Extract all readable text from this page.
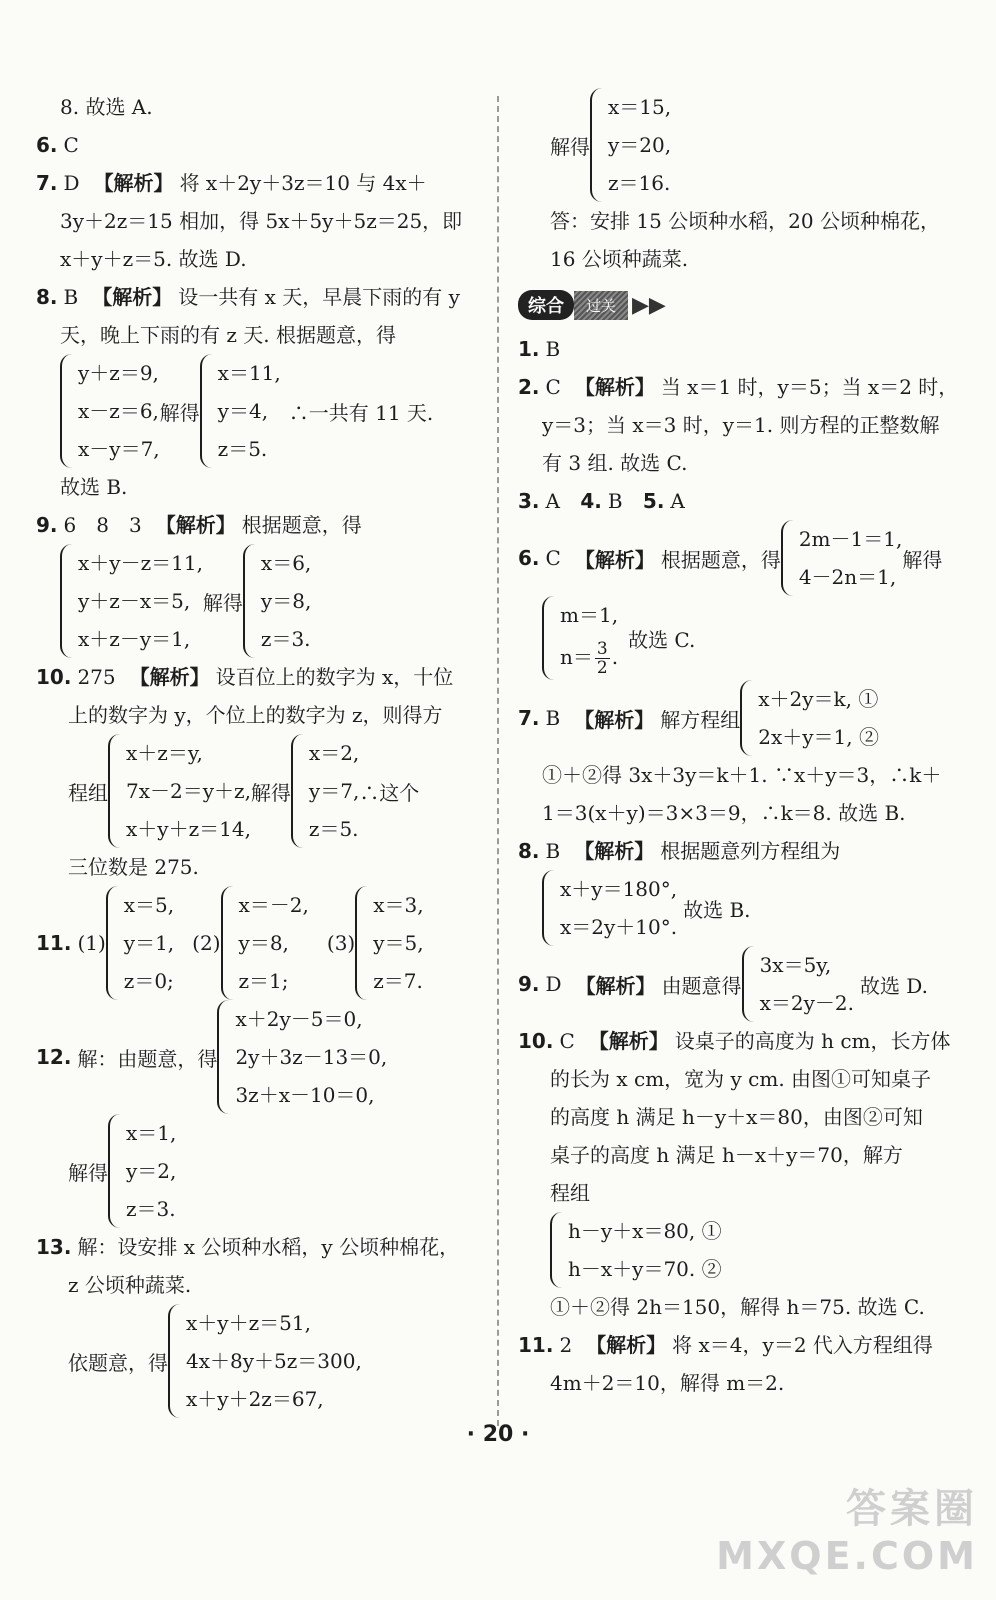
8. 故选 A.
6. C
7. D 【解析】 将 x＋2y＋3z＝10 与 4x＋
3y＋2z＝15 相加，得 5x＋5y＋5z＝25，即
x＋y＋z＝5. 故选 D.
8. B 【解析】 设一共有 x 天，早晨下雨的有 y
天，晚上下雨的有 z 天. 根据题意，得
y＋z＝9,
x－z＝6,
x－y＝7,
解得
x＝11,
y＝4,
z＝5.
∴一共有 11 天.
故选 B.
9. 6　8　3 【解析】 根据题意，得
x＋y－z＝11,
y＋z－x＝5,
x＋z－y＝1,
解得
x＝6,
y＝8,
z＝3.
10. 275 【解析】 设百位上的数字为 x，十位
上的数字为 y，个位上的数字为 z，则得方
程组
x＋z＝y,
7x－2＝y＋z,
x＋y＋z＝14,
解得
x＝2,
y＝7,
z＝5.
∴这个
三位数是 275.
11. (1)
x＝5,
y＝1,
z＝0;
(2)
x＝－2,
y＝8,
z＝1;
(3)
x＝3,
y＝5,
z＝7.
12. 解：由题意，得
x＋2y－5＝0,
2y＋3z－13＝0,
3z＋x－10＝0,
解得
x＝1,
y＝2,
z＝3.
13. 解：设安排 x 公顷种水稻，y 公顷种棉花，
z 公顷种蔬菜.
依题意，得
x＋y＋z＝51,
4x＋8y＋5z＝300,
x＋y＋2z＝67,
解得
x＝15,
y＝20,
z＝16.
答：安排 15 公顷种水稻，20 公顷种棉花，
16 公顷种蔬菜.
综合	过关 ▶▶
1. B
2. C 【解析】 当 x＝1 时，y＝5；当 x＝2 时，
y＝3；当 x＝3 时，y＝1. 则方程的正整数解
有 3 组. 故选 C.
3. A 4. B 5. A
6. C 【解析】 根据题意，得
2m－1＝1,
4－2n＝1,
解得
m＝1,
$n= \frac{3}{2}$ .
故选 C.
7. B 【解析】 解方程组
x＋2y＝k, ①
2x＋y＝1, ②
①＋②得 3x＋3y＝k＋1. ∵x＋y＝3，∴k＋
1＝3(x＋y)＝3×3＝9，∴k＝8. 故选 B.
8. B 【解析】 根据题意列方程组为
x＋y＝180°,
x＝2y＋10°.
故选 B.
9. D 【解析】 由题意得
3x＝5y,
x＝2y－2.
故选 D.
10. C 【解析】 设桌子的高度为 h cm，长方体
的长为 x cm，宽为 y cm. 由图①可知桌子
的高度 h 满足 h－y＋x＝80，由图②可知
桌子的高度 h 满足 h－x＋y＝70，解方
程组
h－y＋x＝80, ①
h－x＋y＝70. ②
①＋②得 2h＝150，解得 h＝75. 故选 C.
11. 2 【解析】 将 x＝4，y＝2 代入方程组得
4m＋2＝10，解得 m＝2.
· 20 ·
答案圈
MXQE.COM
